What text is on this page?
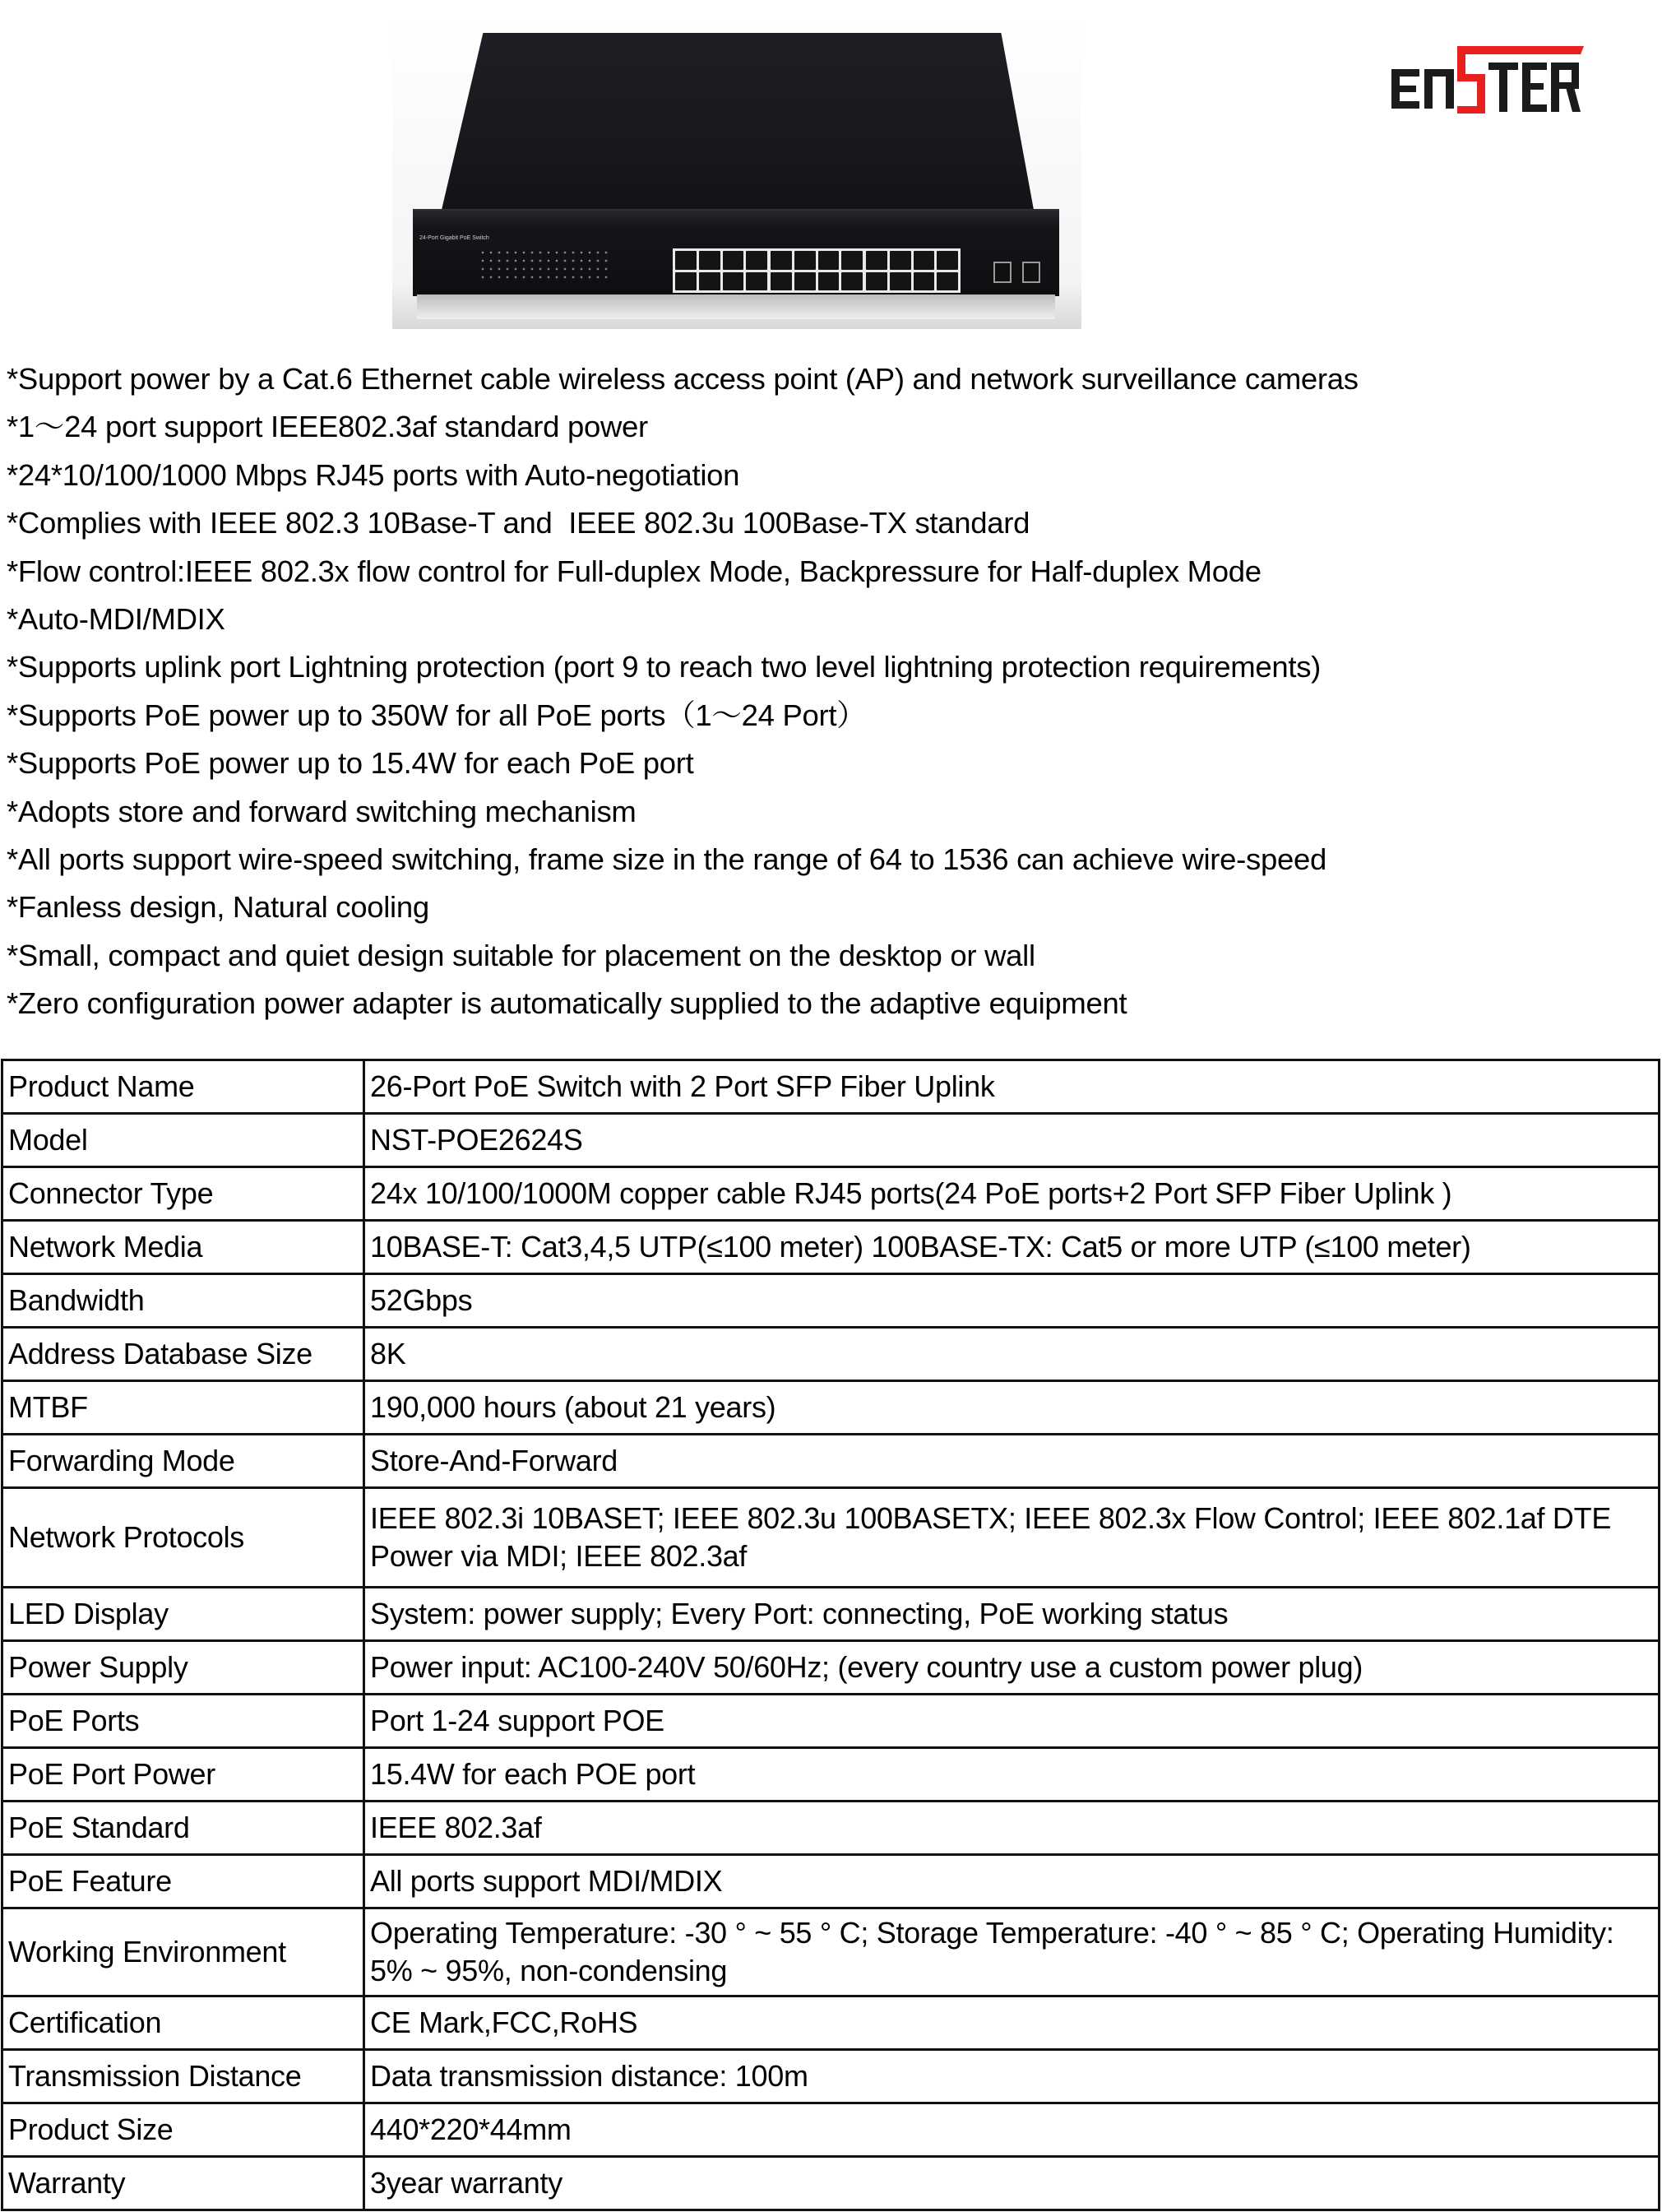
24-Port Gigabit PoE Switch
*Support power by a Cat.6 Ethernet cable wireless access point (AP) and network surveillance cameras
*1～24 port support IEEE802.3af standard power
*24*10/100/1000 Mbps RJ45 ports with Auto-negotiation
*Complies with IEEE 802.3 10Base-T and  IEEE 802.3u 100Base-TX standard
*Flow control:IEEE 802.3x flow control for Full-duplex Mode, Backpressure for Half-duplex Mode
*Auto-MDI/MDIX
*Supports uplink port Lightning protection (port 9 to reach two level lightning protection requirements)
*Supports PoE power up to 350W for all PoE ports（1～24 Port）
*Supports PoE power up to 15.4W for each PoE port
*Adopts store and forward switching mechanism
*All ports support wire-speed switching, frame size in the range of 64 to 1536 can achieve wire-speed
*Fanless design, Natural cooling
*Small, compact and quiet design suitable for placement on the desktop or wall
*Zero configuration power adapter is automatically supplied to the adaptive equipment
Product Name	26-Port PoE Switch with 2 Port SFP Fiber Uplink
Model	NST-POE2624S
Connector Type	24x 10/100/1000M copper cable RJ45 ports(24 PoE ports+2 Port SFP Fiber Uplink )
Network Media	10BASE-T: Cat3,4,5 UTP(≤100 meter) 100BASE-TX: Cat5 or more UTP (≤100 meter)
Bandwidth	52Gbps
Address Database Size	8K
MTBF	190,000 hours (about 21 years)
Forwarding Mode	Store-And-Forward
Network Protocols	IEEE 802.3i 10BASET; IEEE 802.3u 100BASETX; IEEE 802.3x Flow Control; IEEE 802.1af DTE Power via MDI; IEEE 802.3af
LED Display	System: power supply; Every Port: connecting, PoE working status
Power Supply	Power input: AC100-240V 50/60Hz; (every country use a custom power plug)
PoE Ports	Port 1-24 support POE
PoE Port Power	15.4W for each POE port
PoE Standard	IEEE 802.3af
PoE Feature	All ports support MDI/MDIX
Working Environment	Operating Temperature: -30 ° ~ 55 ° C; Storage Temperature: -40 ° ~ 85 ° C; Operating Humidity: 5% ~ 95%, non-condensing
Certification	CE Mark,FCC,RoHS
Transmission Distance	Data transmission distance: 100m
Product Size	440*220*44mm
Warranty	3year warranty
